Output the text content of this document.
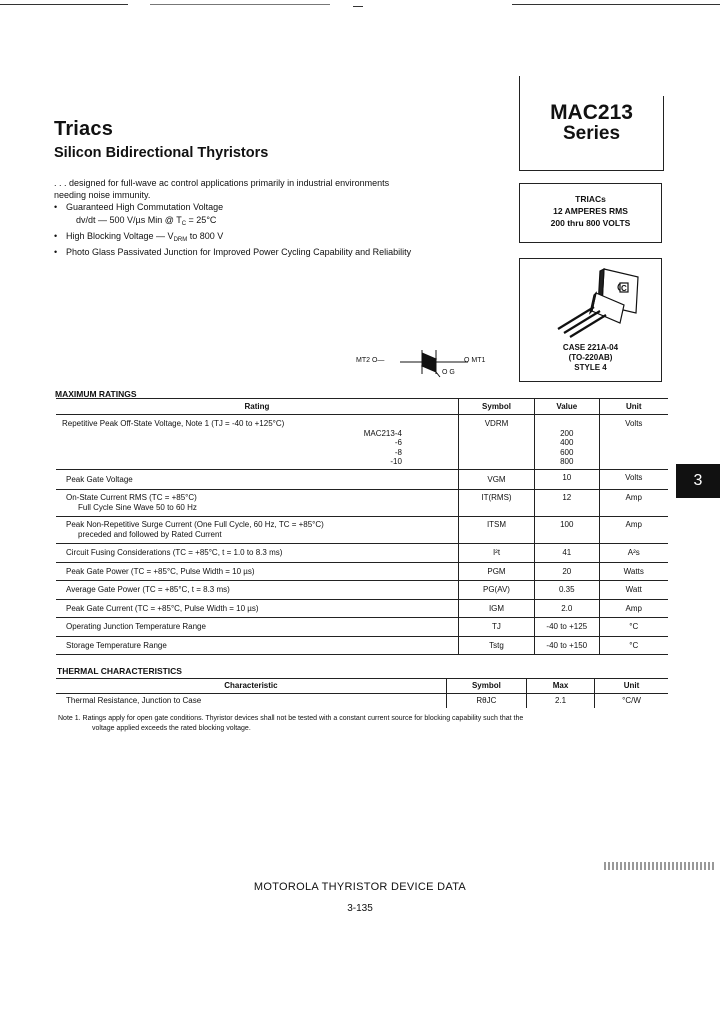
Triacs
Silicon Bidirectional Thyristors
MAC213
Series
TRIACs
12 AMPERES RMS
200 thru 800 VOLTS
C
CASE 221A-04
(TO-220AB)
STYLE 4
. . . designed for full-wave ac control applications primarily in industrial environments
needing noise immunity.
• Guaranteed High Commutation Voltage
dv/dt — 500 V/µs Min @ $T_C = 25^\circ C$
• High Blocking Voltage — $V_{DRM}$ to 800 V
• Photo Glass Passivated Junction for Improved Power Cycling Capability and Reliability
MT2 O—	O MT1
O G
MAXIMUM RATINGS
Rating	Symbol	Value	Unit
Repetitive Peak Off-State Voltage, Note 1 (TJ = -40 to +125°C)	VDRM		Volts
MAC213-4		200	
-6		400	
-8		600	
-10		800	
Peak Gate Voltage	VGM	10	Volts
On-State Current RMS (TC = +85°C)	IT(RMS)	12	Amp
Full Cycle Sine Wave 50 to 60 Hz			
Peak Non-Repetitive Surge Current (One Full Cycle, 60 Hz, TC = +85°C)	ITSM	100	Amp
preceded and followed by Rated Current			
Circuit Fusing Considerations (TC = +85°C, t = 1.0 to 8.3 ms)	I²t	41	A²s
Peak Gate Power (TC = +85°C, Pulse Width = 10 µs)	PGM	20	Watts
Average Gate Power (TC = +85°C, t = 8.3 ms)	PG(AV)	0.35	Watt
Peak Gate Current (TC = +85°C, Pulse Width = 10 µs)	IGM	2.0	Amp
Operating Junction Temperature Range	TJ	-40 to +125	°C
Storage Temperature Range	Tstg	-40 to +150	°C
THERMAL CHARACTERISTICS
Characteristic	Symbol	Max	Unit
Thermal Resistance, Junction to Case	RθJC	2.1	°C/W
Note 1. Ratings apply for open gate conditions. Thyristor devices shall not be tested with a constant current source for blocking capability such that the
voltage applied exceeds the rated blocking voltage.
3
MOTOROLA THYRISTOR DEVICE DATA
3-135
